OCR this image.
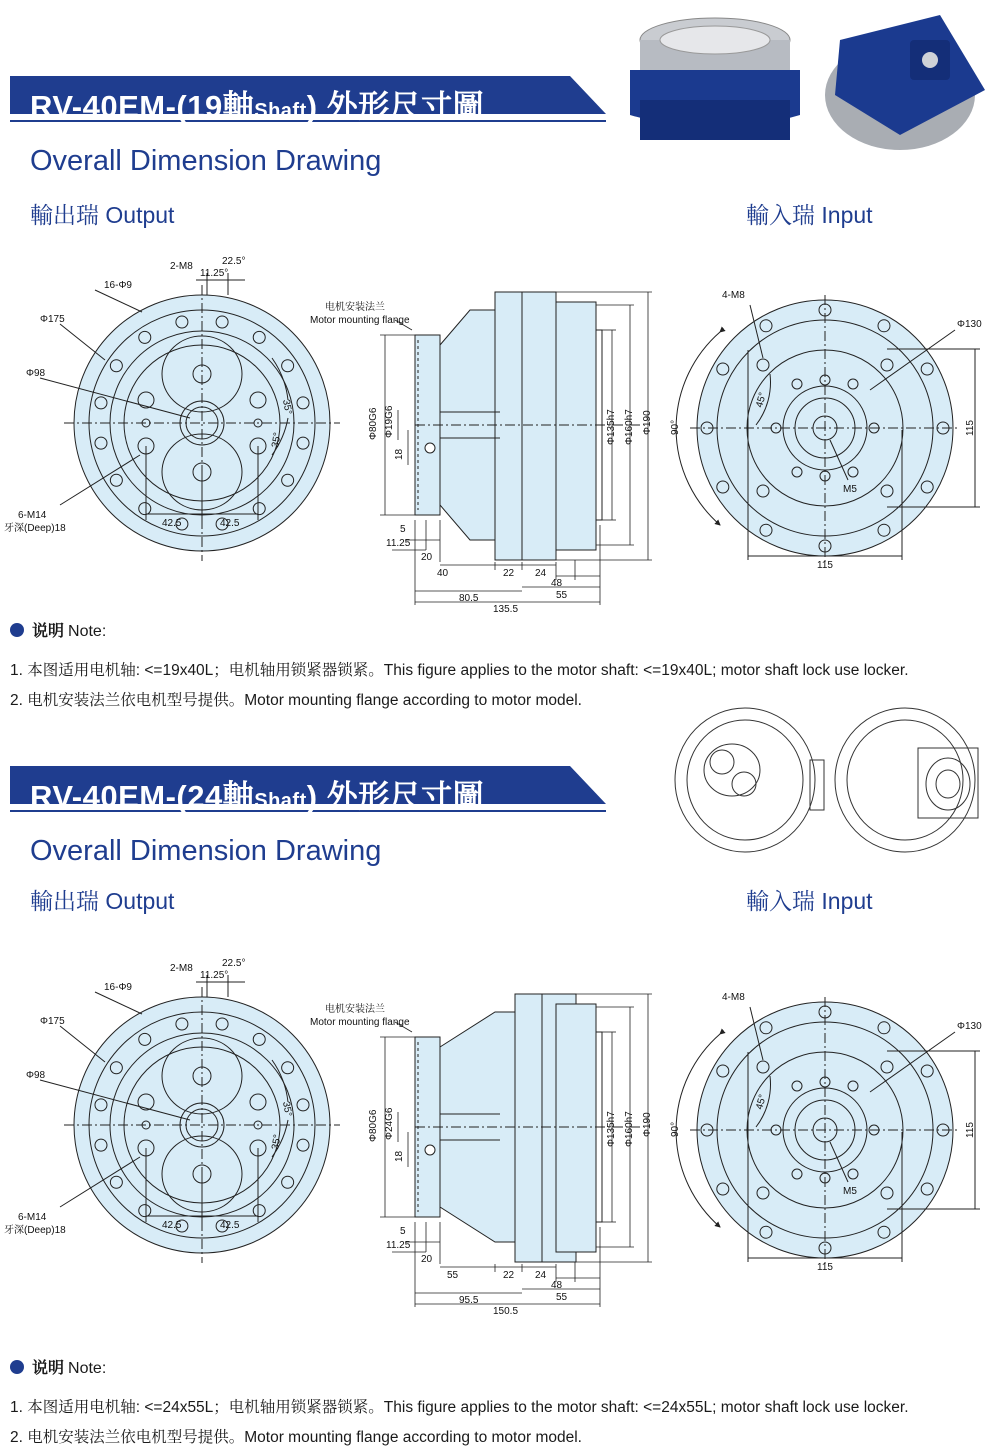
RV-40EM-(19軸Shaft) 外形尺寸圖
Overall Dimension Drawing
輸出瑞 Output	輸入瑞 Input
2-M8	22.5°
11.25°
16-Φ9
Φ175
Φ98
35°
35°
6-M14
牙深(Deep)18	42.5	42.5
电机安装法兰
Motor mounting flange
Φ80G6 Φ19G6
18
Φ135h7 Φ160h7 Φ190
5
11.25
20
40	22 24
48
55
80.5
135.5
4-M8
Φ130
45°
90°
M5
115
115
说明 Note:
1. 本图适用电机轴: <=19x40L；电机轴用锁紧器锁紧。This figure applies to the motor shaft: <=19x40L; motor shaft lock use locker.
2. 电机安装法兰依电机型号提供。Motor mounting flange according to motor model.
RV-40EM-(24軸Shaft) 外形尺寸圖
Overall Dimension Drawing
輸出瑞 Output	輸入瑞 Input
2-M8	22.5°
11.25°
16-Φ9
Φ175
Φ98
35°
35°
6-M14
牙深(Deep)18	42.5	42.5
电机安装法兰
Motor mounting flange
Φ80G6 Φ24G6
18
Φ135h7 Φ160h7 Φ190
5
11.25
20
55	22 24
48
55
95.5
150.5
4-M8
Φ130
45°
90°
M5
115
115
说明 Note:
1. 本图适用电机轴: <=24x55L；电机轴用锁紧器锁紧。This figure applies to the motor shaft: <=24x55L; motor shaft lock use locker.
2. 电机安装法兰依电机型号提供。Motor mounting flange according to motor model.
